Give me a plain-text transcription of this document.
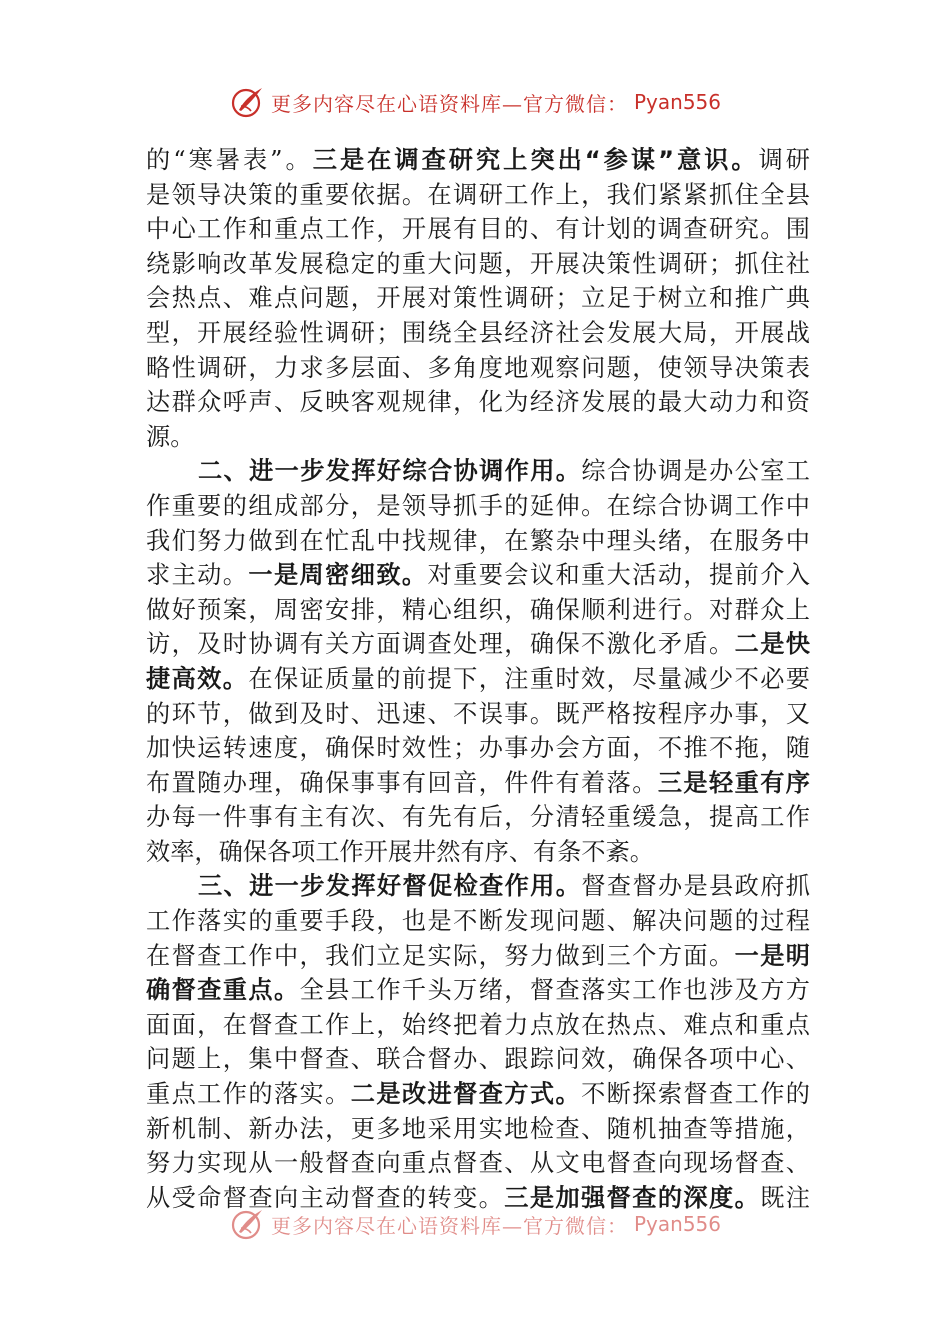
更多内容尽在心语资料库—官方微信： Pyan556
的“寒暑表”。三是在调查研究上突出“参谋”意识。调研
是领导决策的重要依据。在调研工作上，我们紧紧抓住全县
中心工作和重点工作，开展有目的、有计划的调查研究。围
绕影响改革发展稳定的重大问题，开展决策性调研；抓住社
会热点、难点问题，开展对策性调研；立足于树立和推广典
型，开展经验性调研；围绕全县经济社会发展大局，开展战
略性调研，力求多层面、多角度地观察问题，使领导决策表
达群众呼声、反映客观规律，化为经济发展的最大动力和资
源。
二、进一步发挥好综合协调作用。综合协调是办公室工
作重要的组成部分，是领导抓手的延伸。在综合协调工作中
我们努力做到在忙乱中找规律，在繁杂中理头绪，在服务中
求主动。一是周密细致。对重要会议和重大活动，提前介入
做好预案，周密安排，精心组织，确保顺利进行。对群众上
访，及时协调有关方面调查处理，确保不激化矛盾。二是快
捷高效。在保证质量的前提下，注重时效，尽量减少不必要
的环节，做到及时、迅速、不误事。既严格按程序办事，又
加快运转速度，确保时效性；办事办会方面，不推不拖，随
布置随办理，确保事事有回音，件件有着落。三是轻重有序
办每一件事有主有次、有先有后，分清轻重缓急，提高工作
效率，确保各项工作开展井然有序、有条不紊。
三、进一步发挥好督促检查作用。督查督办是县政府抓
工作落实的重要手段，也是不断发现问题、解决问题的过程
在督查工作中，我们立足实际，努力做到三个方面。一是明
确督查重点。全县工作千头万绪，督查落实工作也涉及方方
面面，在督查工作上，始终把着力点放在热点、难点和重点
问题上，集中督查、联合督办、跟踪问效，确保各项中心、
重点工作的落实。二是改进督查方式。不断探索督查工作的
新机制、新办法，更多地采用实地检查、随机抽查等措施，
努力实现从一般督查向重点督查、从文电督查向现场督查、
从受命督查向主动督查的转变。三是加强督查的深度。既注
更多内容尽在心语资料库—官方微信： Pyan556
